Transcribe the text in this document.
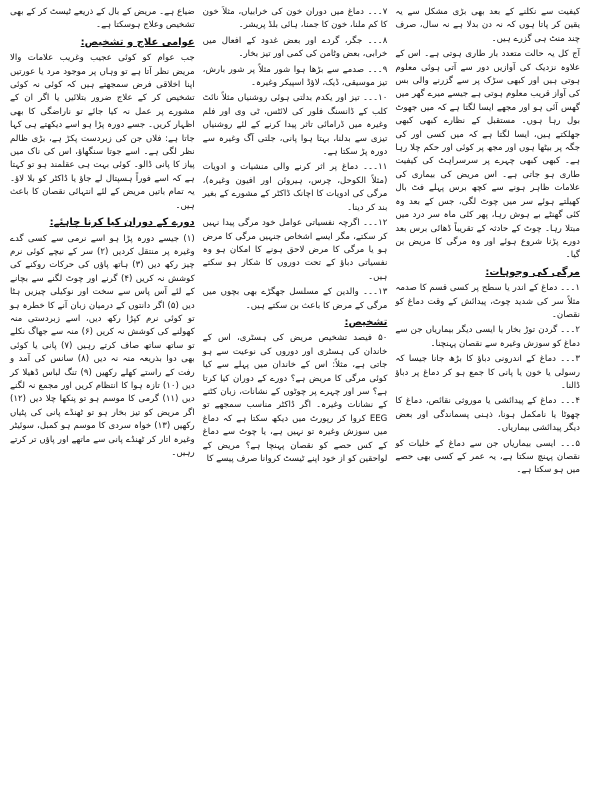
ضیاع ہے۔ مریض کے بال کے ذریعے ٹیسٹ کر کے بھی تشخیص وعلاج ہوسکتا ہے۔

عوامی علاج و تشخیص:

جب عوام کو کوئی عجیب وغریب علامات والا مریض نظر آتا ہے تو وہاں پر موجود مرد یا عورتیں اپنا اخلاقی فرض سمجھتے ہیں کہ کوئی نہ کوئی تشخیص کر کے علاج ضرور بتلائیں یا اگر ان کے مشورے پر عمل نہ کیا جائے تو ناراضگی کا بھی اظہار کریں۔ جسے دورہ پڑا ہو اسے دیکھتے ہی کہا جاتا ہے: فلاں جن کی زبردست پکڑ ہے، بڑی ظالم نظر لگی ہے۔ اسے جوتا سنگھاؤ، اس کی ناک میں پیاز کا پانی ڈالو۔ کوئی بہت ہی عقلمند ہو تو کہتا ہے کہ اسے فوراً ہسپتال لے جاؤ یا ڈاکٹر کو بلا لاؤ۔ یہ تمام باتیں مریض کے لئے انتہائی نقصان کا باعث ہیں۔

دورے کے دوران کیا کرنا چاہئے:

(۱) جیسے دورہ پڑا ہو اسے نرمی سے کسی گدے وغیرہ پر منتقل کردیں (۲) سر کے نیچے کوئی نرم چیز رکھ دیں (۳) ہاتھ پاؤں کی حرکات روکنے کی کوشش نہ کریں (۴) گرنے اور چوٹ لگنے سے بچانے کے لئے آس پاس سے سخت اور نوکیلی چیزیں ہٹا دیں (۵) اگر دانتوں کے درمیان زبان آنے کا خطرہ ہو تو کوئی نرم کپڑا رکھ دیں، اسے زبردستی منہ کھولنے کی کوشش نہ کریں (۶) منہ سے جھاگ نکلے تو ساتھ ساتھ صاف کرتے رہیں (۷) پانی یا کوئی بھی دوا بذریعہ منہ نہ دیں (۸) سانس کی آمد و رفت کے راستے کھلے رکھیں (۹) تنگ لباس ڈھیلا کر دیں (۱۰) تازہ ہوا کا انتظام کریں اور مجمع نہ لگنے دیں (۱۱) گرمی کا موسم ہو تو پنکھا چلا دیں (۱۲) اگر مریض کو تیز بخار ہو تو ٹھنڈے پانی کی پٹیاں رکھیں (۱۳) خواہ سردی کا موسم ہو کمبل، سوئیٹر وغیرہ اتار کر ٹھنڈے پانی سے ماتھے اور پاؤں تر کرتے رہیں۔

۷۔۔۔ دماغ میں دوران خون کی خرابیاں، مثلاً خون کا کم ملنا، خون کا جمنا، ہائی بلڈ پریشر۔

۸۔۔۔ جگر، گردے اور بعض غدود کے افعال میں خرابی، بعض وٹامن کی کمی اور تیز بخار۔

۹۔۔۔ صدمے سے بڑھا ہوا شور مثلاً پر شور بارش، تیز موسیقی، ڈیک، لاؤڈ اسپیکر وغیرہ۔

۱۰۔۔۔ تیز اور یکدم بدلتی ہوئی روشنیاں مثلاً نائٹ کلب کے ڈانسنگ فلور کی لائٹس، ٹی وی اور فلم وغیرہ میں ڈرامائی تاثر پیدا کرنے کے لئے روشنیاں تیزی سے بدلنا، بہتا ہوا پانی، جلتی آگ وغیرہ سے دورہ پڑ سکتا ہے۔

۱۱۔۔۔ دماغ پر اثر کرنے والی منشیات و ادویات (مثلاً الکوحل، چرس، ہیروئن اور افیون وغیرہ)، مرگی کی ادویات کا اچانک ڈاکٹر کے مشورے کے بغیر بند کر دینا۔

۱۲۔۔۔ اگرچہ نفسیاتی عوامل خود مرگی پیدا نہیں کر سکتے، مگر ایسے اشخاص جنہیں مرگی کا مرض ہو یا مرگی کا مرض لاحق ہونے کا امکان ہو وہ نفسیاتی دباؤ کے تحت دوروں کا شکار ہو سکتے ہیں۔

۱۳۔۔۔ والدین کے مسلسل جھگڑے بھی بچوں میں مرگی کے مرض کا باعث بن سکتے ہیں۔

تشخیص:

۵۰ فیصد تشخیص مریض کی ہسٹری، اس کے خاندان کی ہسٹری اور دوروں کی نوعیت سے ہو جاتی ہے، مثلاً: اس کے خاندان میں پہلے سے کیا کوئی مرگی کا مریض ہے؟ دورے کے دوران کیا کرتا ہے؟ سر اور چہرے پر چوٹوں کے نشانات، زبان کٹنے کے نشانات وغیرہ۔ اگر ڈاکٹر مناسب سمجھے تو EEG کروا کر رپورٹ میں دیکھ سکتا ہے کہ دماغ میں سوزش وغیرہ تو نہیں ہے، یا چوٹ سے دماغ کے کس حصے کو نقصان پہنچا ہے؟ مریض کے لواحقین کو از خود اپنے ٹیسٹ کروانا صرف پیسے کا

کیفیت سے نکلنے کے بعد بھی بڑی مشکل سے یہ یقین کر پاتا ہوں کہ نہ دن بدلا ہے نہ سال، صرف چند منٹ ہی گزرے ہیں۔

آج کل یہ حالت متعدد بار طاری ہوتی ہے۔ اس کے علاوہ نزدیک کی آوازیں دور سے آتی ہوئی معلوم ہوتی ہیں اور کبھی سڑک پر سے گزرنے والی بس کی آواز قریب معلوم ہوتی ہے جیسے میرے گھر میں گھس آئی ہو اور مجھے ایسا لگتا ہے کہ میں جھوٹ بول رہا ہوں۔ مستقبل کے نظارے کبھی کبھی جھلکتے ہیں، ایسا لگتا ہے کہ میں کسی اور کی جگہ پر بیٹھا ہوں اور مجھ پر کوئی اور حکم چلا رہا ہے۔ کبھی کبھی چہرے پر سرسراہٹ کی کیفیت طاری ہو جاتی ہے۔ اس مریض کی بیماری کی علامات ظاہر ہونے سے کچھ برس پہلے فٹ بال کھیلتے ہوئے سر میں چوٹ لگی، جس کے بعد وہ کئی گھنٹے بے ہوش رہا، پھر کئی ماہ سر درد میں مبتلا رہا۔ چوٹ کے حادثہ کے تقریباً ڈھائی برس بعد دورے پڑنا شروع ہوئے اور وہ مرگی کا مریض بن گیا۔

مرگی کی وجوہات:

۱۔۔۔ دماغ کے اندر یا سطح پر کسی قسم کا صدمہ مثلاً سر کی شدید چوٹ، پیدائش کے وقت دماغ کو نقصان۔

۲۔۔۔ گردن توڑ بخار یا ایسی دیگر بیماریاں جن سے دماغ کو سوزش وغیرہ سے نقصان پہنچنا۔

۳۔۔۔ دماغ کے اندرونی دباؤ کا بڑھ جانا جیسا کہ رسولی یا خون یا پانی کا جمع ہو کر دماغ پر دباؤ ڈالنا۔

۴۔۔۔ دماغ کے پیدائشی یا موروثی نقائص، دماغ کا چھوٹا یا نامکمل ہونا، ذہنی پسماندگی اور بعض دیگر پیدائشی بیماریاں۔

۵۔۔۔ ایسی بیماریاں جن سے دماغ کے خلیات کو نقصان پہنچ سکتا ہے، یہ عمر کے کسی بھی حصے میں ہو سکتا ہے۔
